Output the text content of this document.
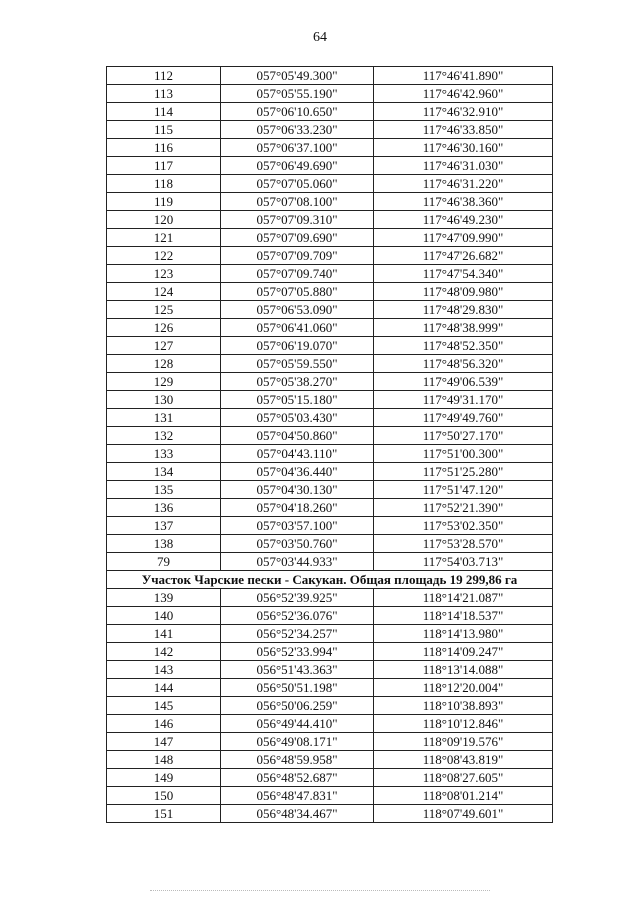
64
112	057°05'49.300"	117°46'41.890"
113	057°05'55.190"	117°46'42.960"
114	057°06'10.650"	117°46'32.910"
115	057°06'33.230"	117°46'33.850"
116	057°06'37.100"	117°46'30.160"
117	057°06'49.690"	117°46'31.030"
118	057°07'05.060"	117°46'31.220"
119	057°07'08.100"	117°46'38.360"
120	057°07'09.310"	117°46'49.230"
121	057°07'09.690"	117°47'09.990"
122	057°07'09.709"	117°47'26.682"
123	057°07'09.740"	117°47'54.340"
124	057°07'05.880"	117°48'09.980"
125	057°06'53.090"	117°48'29.830"
126	057°06'41.060"	117°48'38.999"
127	057°06'19.070"	117°48'52.350"
128	057°05'59.550"	117°48'56.320"
129	057°05'38.270"	117°49'06.539"
130	057°05'15.180"	117°49'31.170"
131	057°05'03.430"	117°49'49.760"
132	057°04'50.860"	117°50'27.170"
133	057°04'43.110"	117°51'00.300"
134	057°04'36.440"	117°51'25.280"
135	057°04'30.130"	117°51'47.120"
136	057°04'18.260"	117°52'21.390"
137	057°03'57.100"	117°53'02.350"
138	057°03'50.760"	117°53'28.570"
79	057°03'44.933"	117°54'03.713"
Участок Чарские пески - Сакукан. Общая площадь 19 299,86 га		
139	056°52'39.925"	118°14'21.087"
140	056°52'36.076"	118°14'18.537"
141	056°52'34.257"	118°14'13.980"
142	056°52'33.994"	118°14'09.247"
143	056°51'43.363"	118°13'14.088"
144	056°50'51.198"	118°12'20.004"
145	056°50'06.259"	118°10'38.893"
146	056°49'44.410"	118°10'12.846"
147	056°49'08.171"	118°09'19.576"
148	056°48'59.958"	118°08'43.819"
149	056°48'52.687"	118°08'27.605"
150	056°48'47.831"	118°08'01.214"
151	056°48'34.467"	118°07'49.601"
